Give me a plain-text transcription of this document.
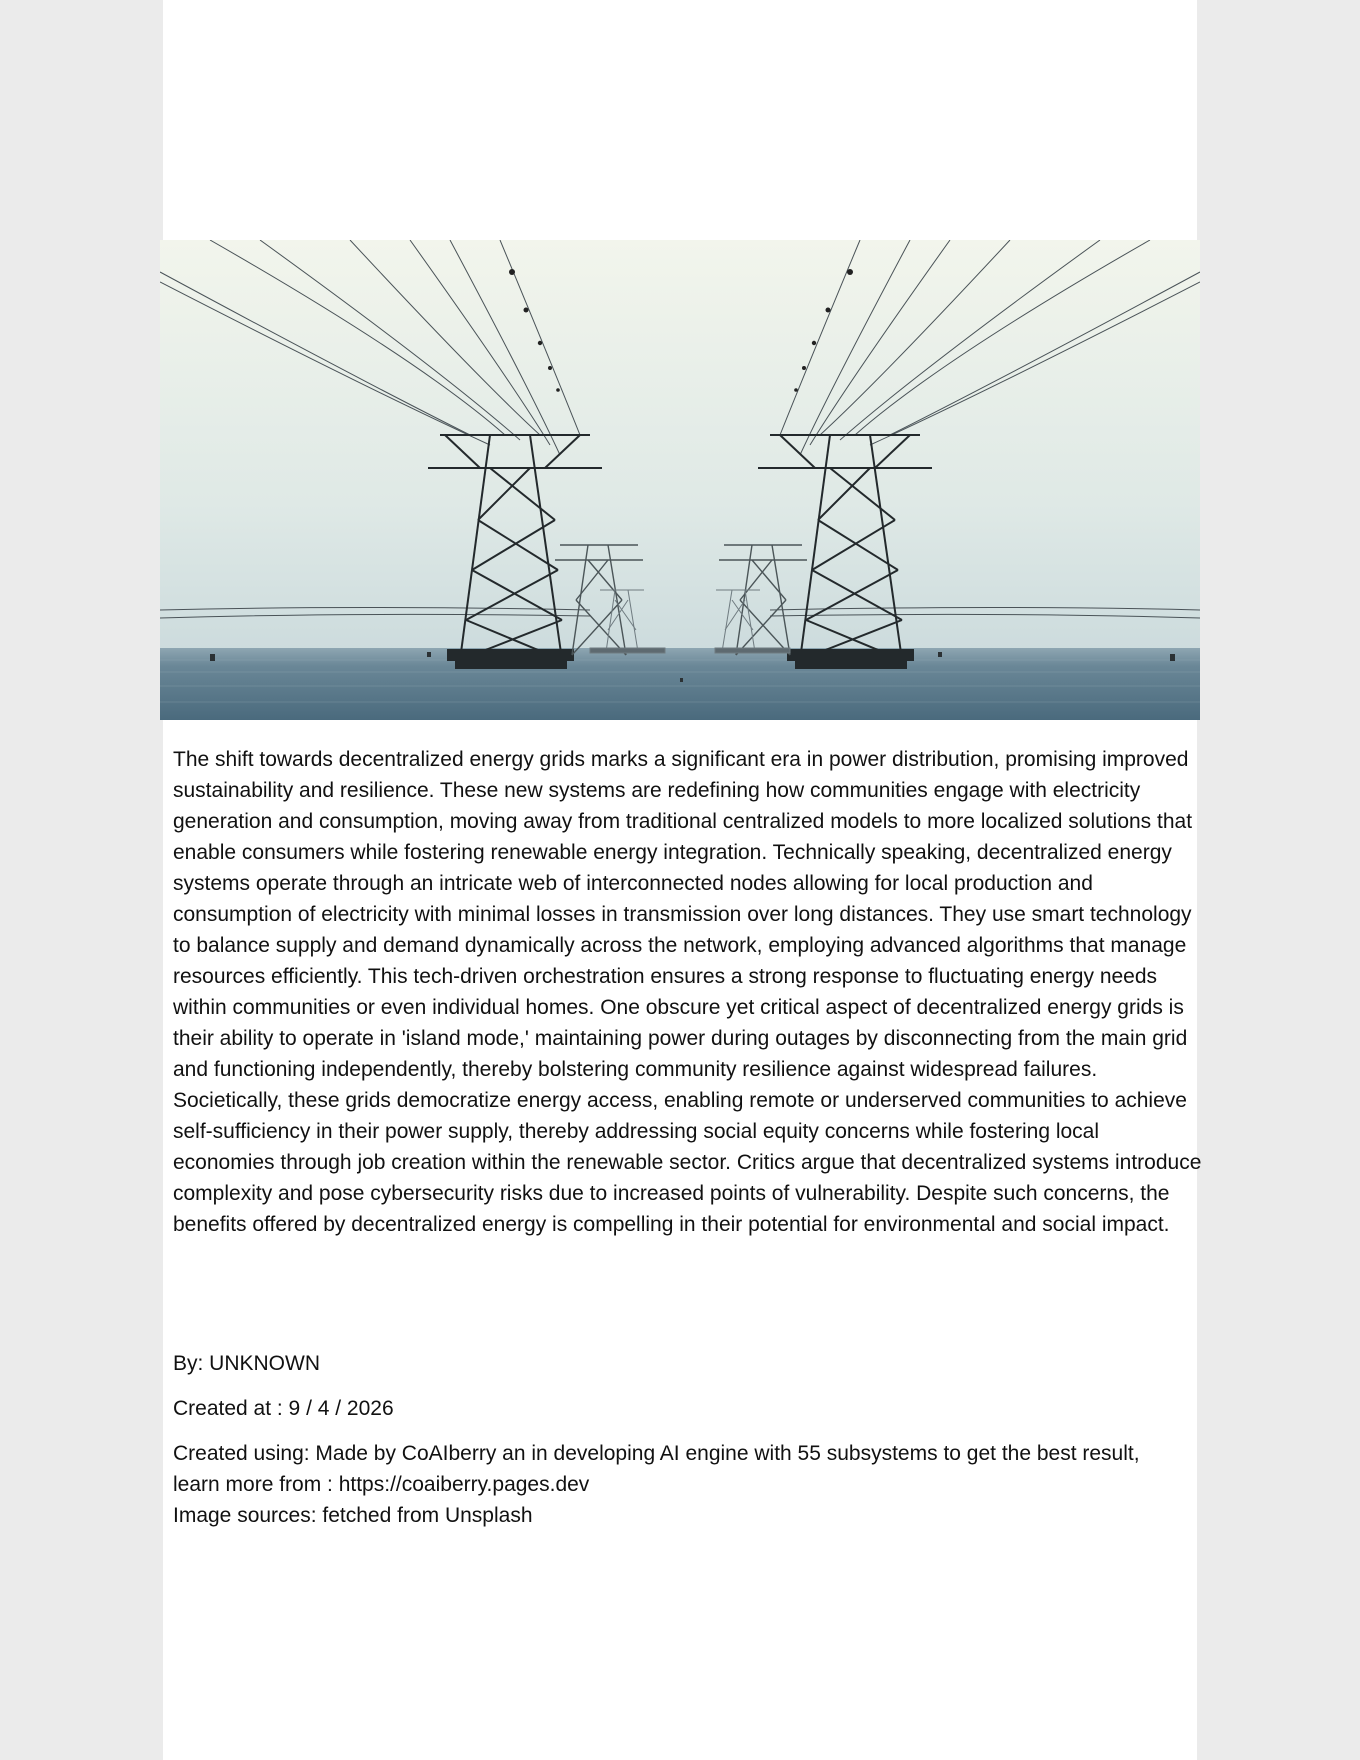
The shift towards decentralized energy grids marks a significant era in power distribution, promising improved sustainability and resilience. These new systems are redefining how communities engage with electricity generation and consumption, moving away from traditional centralized models to more localized solutions that enable consumers while fostering renewable energy integration. Technically speaking, decentralized energy systems operate through an intricate web of interconnected nodes allowing for local production and consumption of electricity with minimal losses in transmission over long distances. They use smart technology to balance supply and demand dynamically across the network, employing advanced algorithms that manage resources efficiently. This tech-driven orchestration ensures a strong response to fluctuating energy needs within communities or even individual homes. One obscure yet critical aspect of decentralized energy grids is their ability to operate in 'island mode,' maintaining power during outages by disconnecting from the main grid and functioning independently, thereby bolstering community resilience against widespread failures. Societically, these grids democratize energy access, enabling remote or underserved communities to achieve self-sufficiency in their power supply, thereby addressing social equity concerns while fostering local economies through job creation within the renewable sector. Critics argue that decentralized systems introduce complexity and pose cybersecurity risks due to increased points of vulnerability. Despite such concerns, the benefits offered by decentralized energy is compelling in their potential for environmental and social impact.

By: UNKNOWN
Created at : 9 / 4 / 2026
Created using: Made by CoAIberry an in developing AI engine with 55 subsystems to get the best result, learn more from : https://coaiberry.pages.dev
Image sources: fetched from Unsplash
